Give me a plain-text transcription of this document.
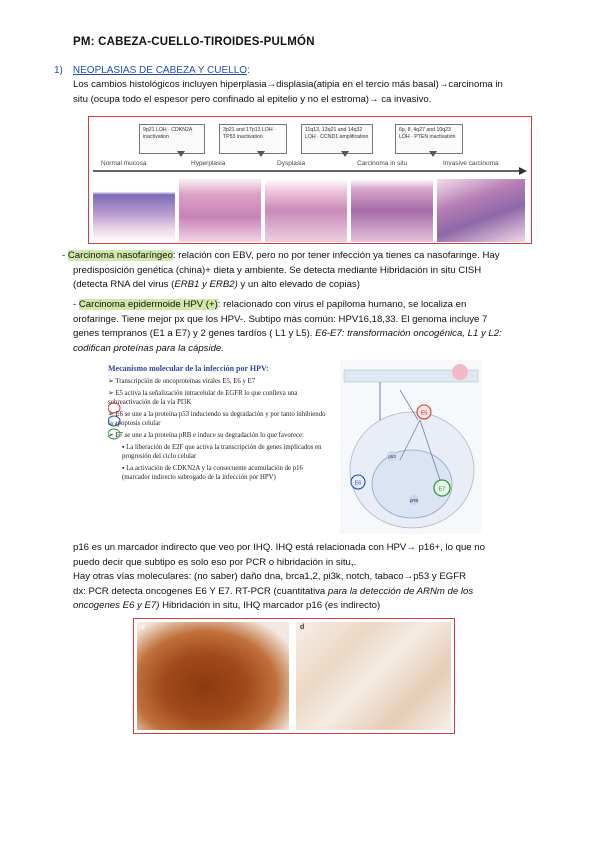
PM: CABEZA-CUELLO-TIROIDES-PULMÓN
1) NEOPLASIAS DE CABEZA Y CUELLO:
Los cambios histológicos incluyen hiperplasia→displasia(atipia en el tercio más basal)→carcinoma in
situ (ocupa todo el espesor pero confinado al epitelio y no el estroma)→ ca invasivo.
9p21 LOH · CDKN2A inactivation
3p21 and 17p13 LOH · TP53 inactivation
11q13, 13q21 and 14q32 LOH · CCND1 amplification
6p, 8, 4q27 and 10q23 LOH · PTEN inactivation
Normal mucosa	Hyperplasia	Dysplasia	Carcinoma in situ	Invasive carcinoma
- Carcinoma nasofaríngeo: relación con EBV, pero no por tener infección ya tienes ca nasofaringe. Hay
predisposición genética (china)+ dieta y ambiente. Se detecta mediante Hibridación in situ CISH
(detecta RNA del virus (ERB1 y ERB2) y un alto elevado de copias)
- Carcinoma epidermoide HPV (+): relacionado con virus el papiloma humano, se localiza en
orofaringe. Tiene mejor px que los HPV-. Subtipo más común: HPV16,18,33. El genoma incluye 7
genes tempranos (E1 a E7) y 2 genes tardíos ( L1 y L5). E6-E7: transformación oncogénica, L1 y L2:
codifican proteínas para la cápside.
Mecanismo molecular de la infección por HPV:
➢ Transcripción de oncoproteínas virales E5, E6 y E7
➢ E5 activa la señalización intracelular de EGFR lo que conlleva una sobreactivación de la vía PI3K
➢ E6 se une a la proteína p53 induciendo su degradación y por tanto inhibiendo la apoptosis celular
➢ E7 se une a la proteína pRB e induce su degradación lo que favorece:
▪ La liberación de E2F que activa la transcripción de genes implicados en progresión del ciclo celular
▪ La activación de CDKN2A y la consecuente acumulación de p16 (marcador indirecto subrogado de la infección por HPV)
E5
E6
E7
p53
pRB
p16 es un marcador indirecto que veo por IHQ. IHQ está relacionada con HPV→ p16+, lo que no
puedo decir que subtipo es solo eso por PCR o hibridación in situ,.
Hay otras vías moleculares: (no saber) daño dna, brca1,2, pi3k, notch, tabaco→p53 y EGFR
dx: PCR detecta oncogenes E6 Y E7. RT-PCR (cuantitativa para la detección de ARNm de los
oncogenes E6 y E7) Hibridación in situ, IHQ marcador p16 (es indirecto)
c	d
